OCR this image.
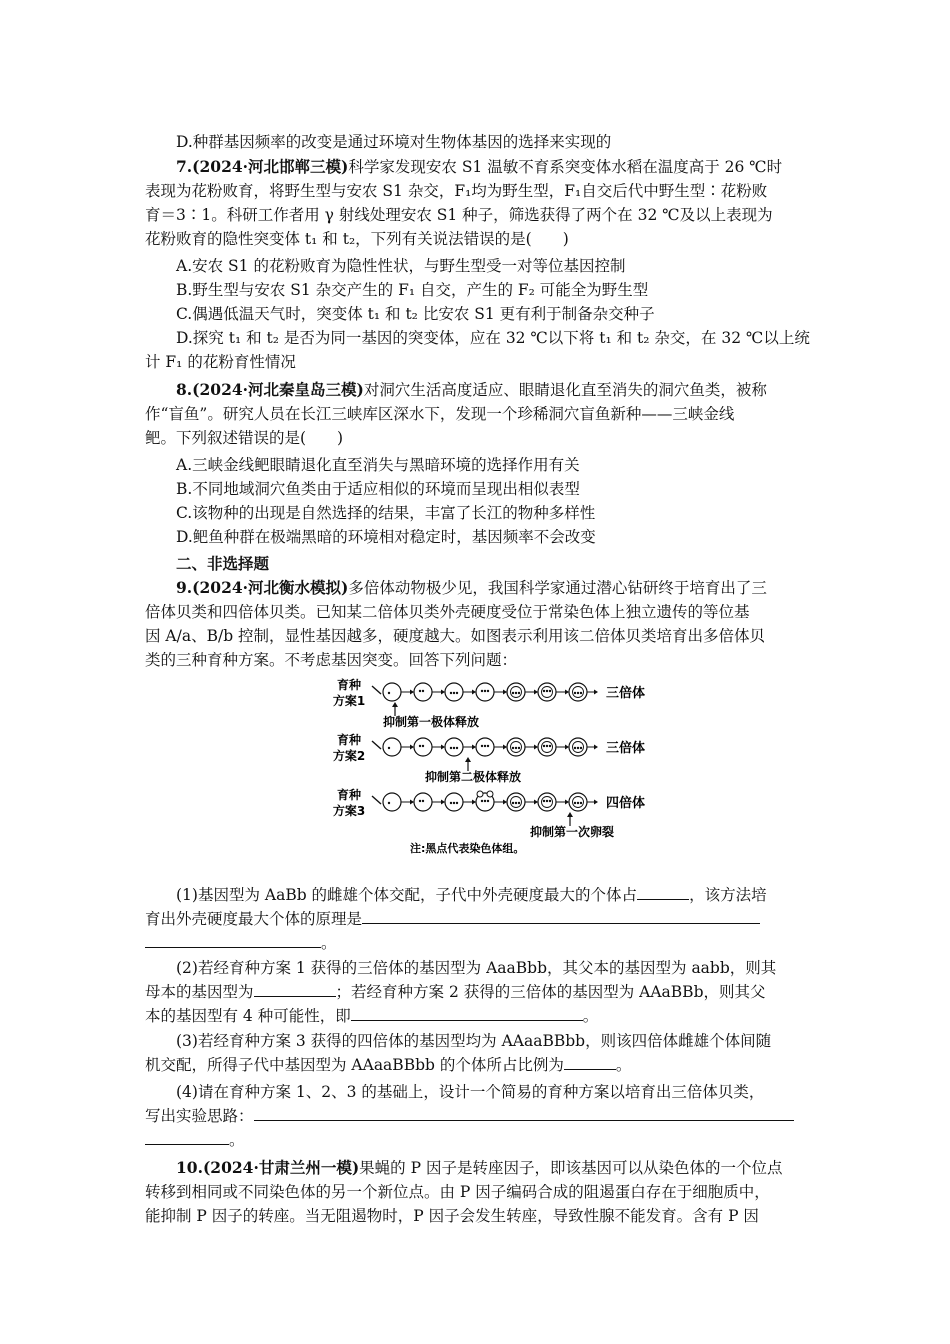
D.种群基因频率的改变是通过环境对生物体基因的选择来实现的
7.(2024·河北邯郸三模)科学家发现安农 S1 温敏不育系突变体水稻在温度高于 26 ℃时
表现为花粉败育，将野生型与安农 S1 杂交，F₁均为野生型，F₁自交后代中野生型∶花粉败
育＝3∶1。科研工作者用 γ 射线处理安农 S1 种子，筛选获得了两个在 32 ℃及以上表现为
花粉败育的隐性突变体 t₁ 和 t₂，下列有关说法错误的是(　　)
A.安农 S1 的花粉败育为隐性性状，与野生型受一对等位基因控制
B.野生型与安农 S1 杂交产生的 F₁ 自交，产生的 F₂ 可能全为野生型
C.偶遇低温天气时，突变体 t₁ 和 t₂ 比安农 S1 更有利于制备杂交种子
D.探究 t₁ 和 t₂ 是否为同一基因的突变体，应在 32 ℃以下将 t₁ 和 t₂ 杂交，在 32 ℃以上统
计 F₁ 的花粉育性情况
8.(2024·河北秦皇岛三模)对洞穴生活高度适应、眼睛退化直至消失的洞穴鱼类，被称
作“盲鱼”。研究人员在长江三峡库区深水下，发现一个珍稀洞穴盲鱼新种——三峡金线
鲃。下列叙述错误的是(　　)
A.三峡金线鲃眼睛退化直至消失与黑暗环境的选择作用有关
B.不同地域洞穴鱼类由于适应相似的环境而呈现出相似表型
C.该物种的出现是自然选择的结果，丰富了长江的物种多样性
D.鲃鱼种群在极端黑暗的环境相对稳定时，基因频率不会改变
二、非选择题
9.(2024·河北衡水模拟)多倍体动物极少见，我国科学家通过潜心钻研终于培育出了三
倍体贝类和四倍体贝类。已知某二倍体贝类外壳硬度受位于常染色体上独立遗传的等位基
因 A/a、B/b 控制，显性基因越多，硬度越大。如图表示利用该二倍体贝类培育出多倍体贝
类的三种育种方案。不考虑基因突变。回答下列问题：
(1)基因型为 AaBb 的雌雄个体交配，子代中外壳硬度最大的个体占	，该方法培
育出外壳硬度最大个体的原理是
。
(2)若经育种方案 1 获得的三倍体的基因型为 AaaBbb，其父本的基因型为 aabb，则其
母本的基因型为	；若经育种方案 2 获得的三倍体的基因型为 AAaBBb，则其父
本的基因型有 4 种可能性，即	。
(3)若经育种方案 3 获得的四倍体的基因型均为 AAaaBBbb，则该四倍体雌雄个体间随
机交配，所得子代中基因型为 AAaaBBbb 的个体所占比例为	。
(4)请在育种方案 1、2、3 的基础上，设计一个简易的育种方案以培育出三倍体贝类，
写出实验思路：
。
10.(2024·甘肃兰州一模)果蝇的 P 因子是转座因子，即该基因可以从染色体的一个位点
转移到相同或不同染色体的另一个新位点。由 P 因子编码合成的阻遏蛋白存在于细胞质中，
能抑制 P 因子的转座。当无阻遏物时，P 因子会发生转座，导致性腺不能发育。含有 P 因
育种
方案1	三倍体
抑制第一极体释放
育种
方案2	三倍体
抑制第二极体释放
育种
方案3	四倍体
抑制第一次卵裂
注:黑点代表染色体组。
